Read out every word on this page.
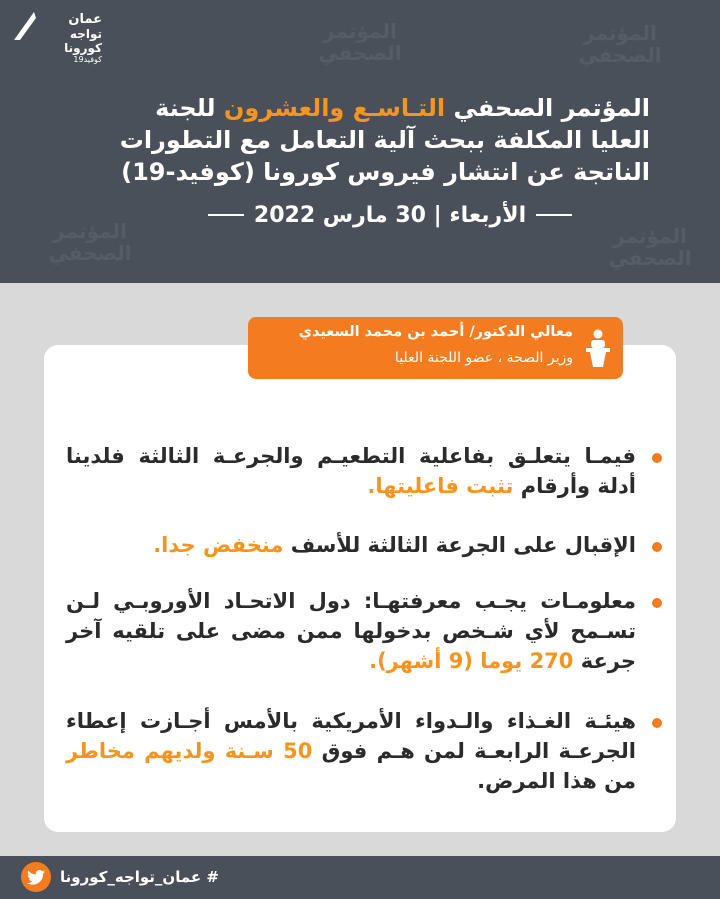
المؤتمر الصحفي
المؤتمر الصحفي
المؤتمر الصحفي
المؤتمر الصحفي
عمان
تواجه
كورونا
كوفيد19
المؤتمر الصحفي التـاسـع والعشرون للجنة العليا المكلفة ببحث آلية التعامل مع التطورات الناتجة عن انتشار فيروس كورونا (كوفيد-19)
الأربعاء | 30 مارس 2022
معالي الدكتور/ أحمد بن محمد السعيدي
وزير الصحة ، عضو اللجنة العليا
فيمـا يتعلـق بفاعلية التطعيـم والجرعـة الثالثة فلدينا أدلة وأرقام تثبت فاعليتها.
الإقبال على الجرعة الثالثة للأسف منخفض جدا.
معلومـات يجـب معرفتهـا: دول الاتحـاد الأوروبـي لـن تسـمح لأي شـخص بدخولها ممن مضى على تلقيه آخر جرعة 270 يوما (9 أشهر).
هيئـة الغـذاء والـدواء الأمريكية بالأمس أجـازت إعطاء الجرعـة الرابعـة لمن هـم فوق 50 سـنة ولديهم مخاطر من هذا المرض.
# عمان_تواجه_كورونا
